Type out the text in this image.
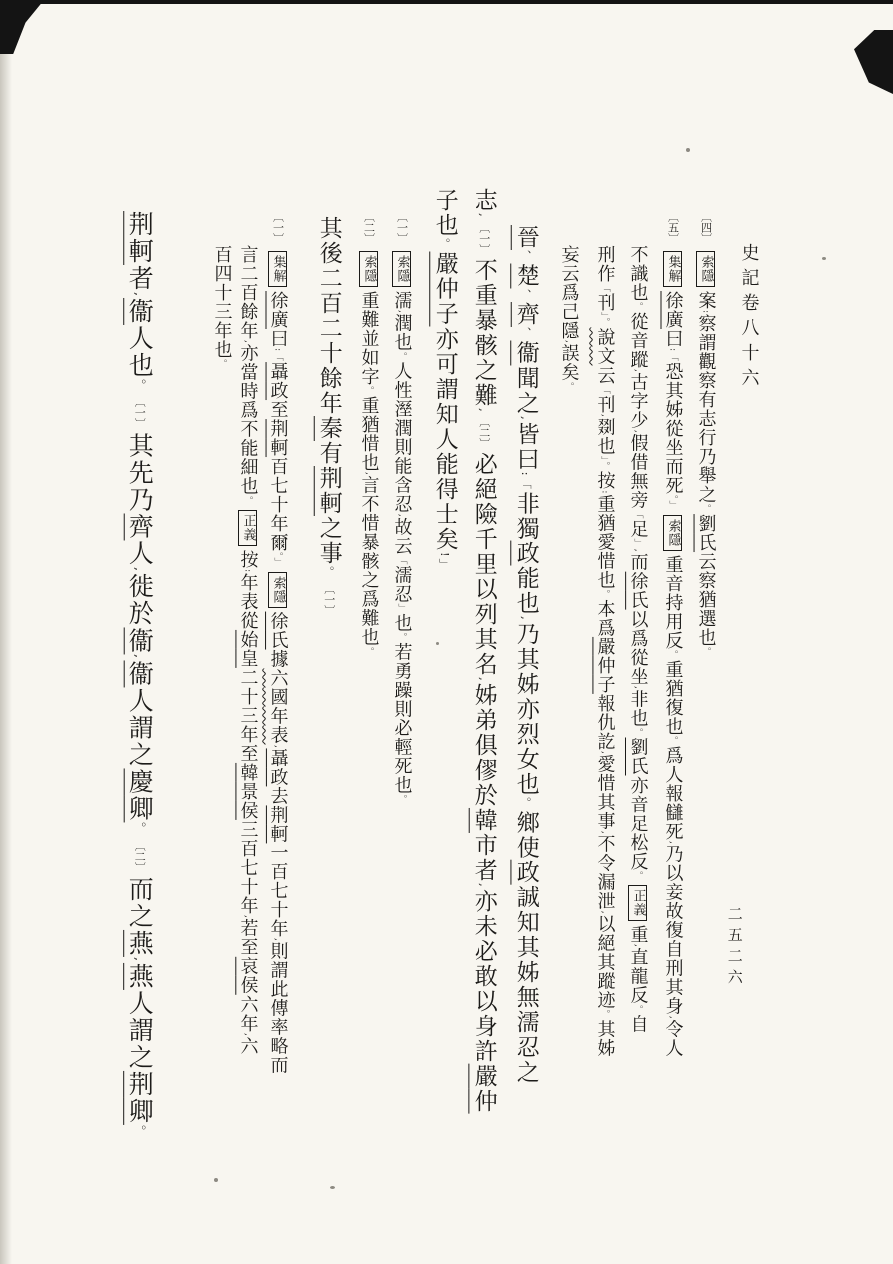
史記卷八十六
〔四〕索隱案:察謂觀察有志行乃舉之。劉氏云察猶選也。
〔五〕集解徐廣曰:「恐其姊從坐而死。」索隱重音持用反。重猶復也。爲人報讎死,乃以妾故復自刑其身,令人
不識也。從音蹤,古字少,假借無旁「足」,而徐氏以爲從坐,非也。劉氏亦音足松反。正義重,直龍反。自
刑作「刊」。說文云「刊,剟也」。按:重猶愛惜也。本爲嚴仲子報仇訖,愛惜其事,不令漏泄,以絕其蹤迹。其姊
妄云爲己隱,誤矣。
晉、楚、齊、衞聞之,皆曰:「非獨政能也,乃其姊亦烈女也。鄉使政誠知其姊無濡忍之
志,〔一〕不重暴骸之難,〔二〕必絕險千里以列其名,姊弟俱僇於韓市者,亦未必敢以身許嚴仲
子也。嚴仲子亦可謂知人能得士矣!」
〔一〕索隱濡,潤也。人性溼潤則能含忍,故云「濡忍」也。若勇躁則必輕死也。
〔二〕索隱重難並如字。重猶惜也,言不惜暴骸之爲難也。
其後二百二十餘年秦有荆軻之事。〔一〕
〔一〕集解徐廣曰:「聶政至荆軻百七十年爾。」索隱徐氏據六國年表,聶政去荆軻一百七十年,則謂此傳率略而
言二百餘年,亦當時爲不能細也。正義按:年表從始皇二十三年至韓景侯三百七十年,若至哀侯六年,六
百四十三年也。
荆軻者,衞人也。〔一〕其先乃齊人,徙於衞,衞人謂之慶卿。〔二〕而之燕,燕人謂之荆卿。
二五二六
